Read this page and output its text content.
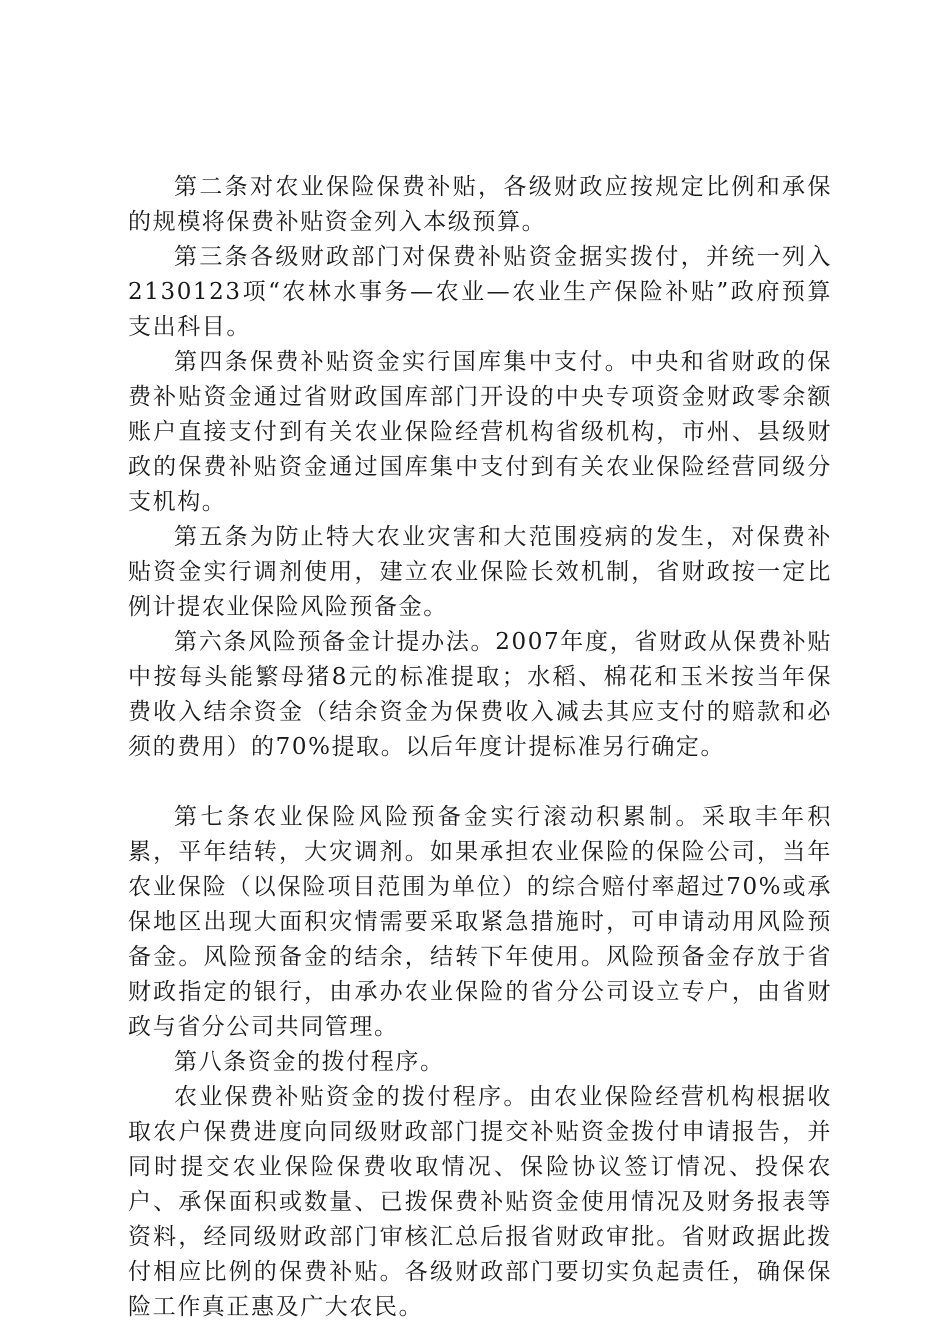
第二条对农业保险保费补贴，各级财政应按规定比例和承保的规模将保费补贴资金列入本级预算。

第三条各级财政部门对保费补贴资金据实拨付，并统一列入2130123项“农林水事务—农业—农业生产保险补贴”政府预算支出科目。

第四条保费补贴资金实行国库集中支付。中央和省财政的保费补贴资金通过省财政国库部门开设的中央专项资金财政零余额账户直接支付到有关农业保险经营机构省级机构，市州、县级财政的保费补贴资金通过国库集中支付到有关农业保险经营同级分支机构。

第五条为防止特大农业灾害和大范围疫病的发生，对保费补贴资金实行调剂使用，建立农业保险长效机制，省财政按一定比例计提农业保险风险预备金。

第六条风险预备金计提办法。2007年度，省财政从保费补贴中按每头能繁母猪8元的标准提取；水稻、棉花和玉米按当年保费收入结余资金（结余资金为保费收入减去其应支付的赔款和必须的费用）的70%提取。以后年度计提标准另行确定。

第七条农业保险风险预备金实行滚动积累制。采取丰年积累，平年结转，大灾调剂。如果承担农业保险的保险公司，当年农业保险（以保险项目范围为单位）的综合赔付率超过70%或承保地区出现大面积灾情需要采取紧急措施时，可申请动用风险预备金。风险预备金的结余，结转下年使用。风险预备金存放于省财政指定的银行，由承办农业保险的省分公司设立专户，由省财政与省分公司共同管理。

第八条资金的拨付程序。

农业保费补贴资金的拨付程序。由农业保险经营机构根据收取农户保费进度向同级财政部门提交补贴资金拨付申请报告，并同时提交农业保险保费收取情况、保险协议签订情况、投保农户、承保面积或数量、已拨保费补贴资金使用情况及财务报表等资料，经同级财政部门审核汇总后报省财政审批。省财政据此拨付相应比例的保费补贴。各级财政部门要切实负起责任，确保保险工作真正惠及广大农民。
